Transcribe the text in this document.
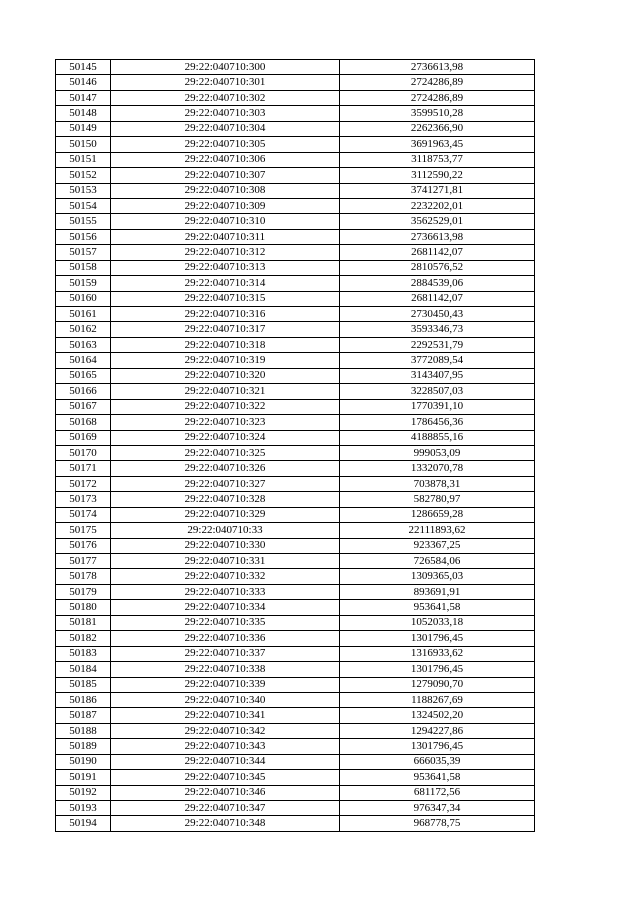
50145	29:22:040710:300	2736613,98
50146	29:22:040710:301	2724286,89
50147	29:22:040710:302	2724286,89
50148	29:22:040710:303	3599510,28
50149	29:22:040710:304	2262366,90
50150	29:22:040710:305	3691963,45
50151	29:22:040710:306	3118753,77
50152	29:22:040710:307	3112590,22
50153	29:22:040710:308	3741271,81
50154	29:22:040710:309	2232202,01
50155	29:22:040710:310	3562529,01
50156	29:22:040710:311	2736613,98
50157	29:22:040710:312	2681142,07
50158	29:22:040710:313	2810576,52
50159	29:22:040710:314	2884539,06
50160	29:22:040710:315	2681142,07
50161	29:22:040710:316	2730450,43
50162	29:22:040710:317	3593346,73
50163	29:22:040710:318	2292531,79
50164	29:22:040710:319	3772089,54
50165	29:22:040710:320	3143407,95
50166	29:22:040710:321	3228507,03
50167	29:22:040710:322	1770391,10
50168	29:22:040710:323	1786456,36
50169	29:22:040710:324	4188855,16
50170	29:22:040710:325	999053,09
50171	29:22:040710:326	1332070,78
50172	29:22:040710:327	703878,31
50173	29:22:040710:328	582780,97
50174	29:22:040710:329	1286659,28
50175	29:22:040710:33	22111893,62
50176	29:22:040710:330	923367,25
50177	29:22:040710:331	726584,06
50178	29:22:040710:332	1309365,03
50179	29:22:040710:333	893691,91
50180	29:22:040710:334	953641,58
50181	29:22:040710:335	1052033,18
50182	29:22:040710:336	1301796,45
50183	29:22:040710:337	1316933,62
50184	29:22:040710:338	1301796,45
50185	29:22:040710:339	1279090,70
50186	29:22:040710:340	1188267,69
50187	29:22:040710:341	1324502,20
50188	29:22:040710:342	1294227,86
50189	29:22:040710:343	1301796,45
50190	29:22:040710:344	666035,39
50191	29:22:040710:345	953641,58
50192	29:22:040710:346	681172,56
50193	29:22:040710:347	976347,34
50194	29:22:040710:348	968778,75
